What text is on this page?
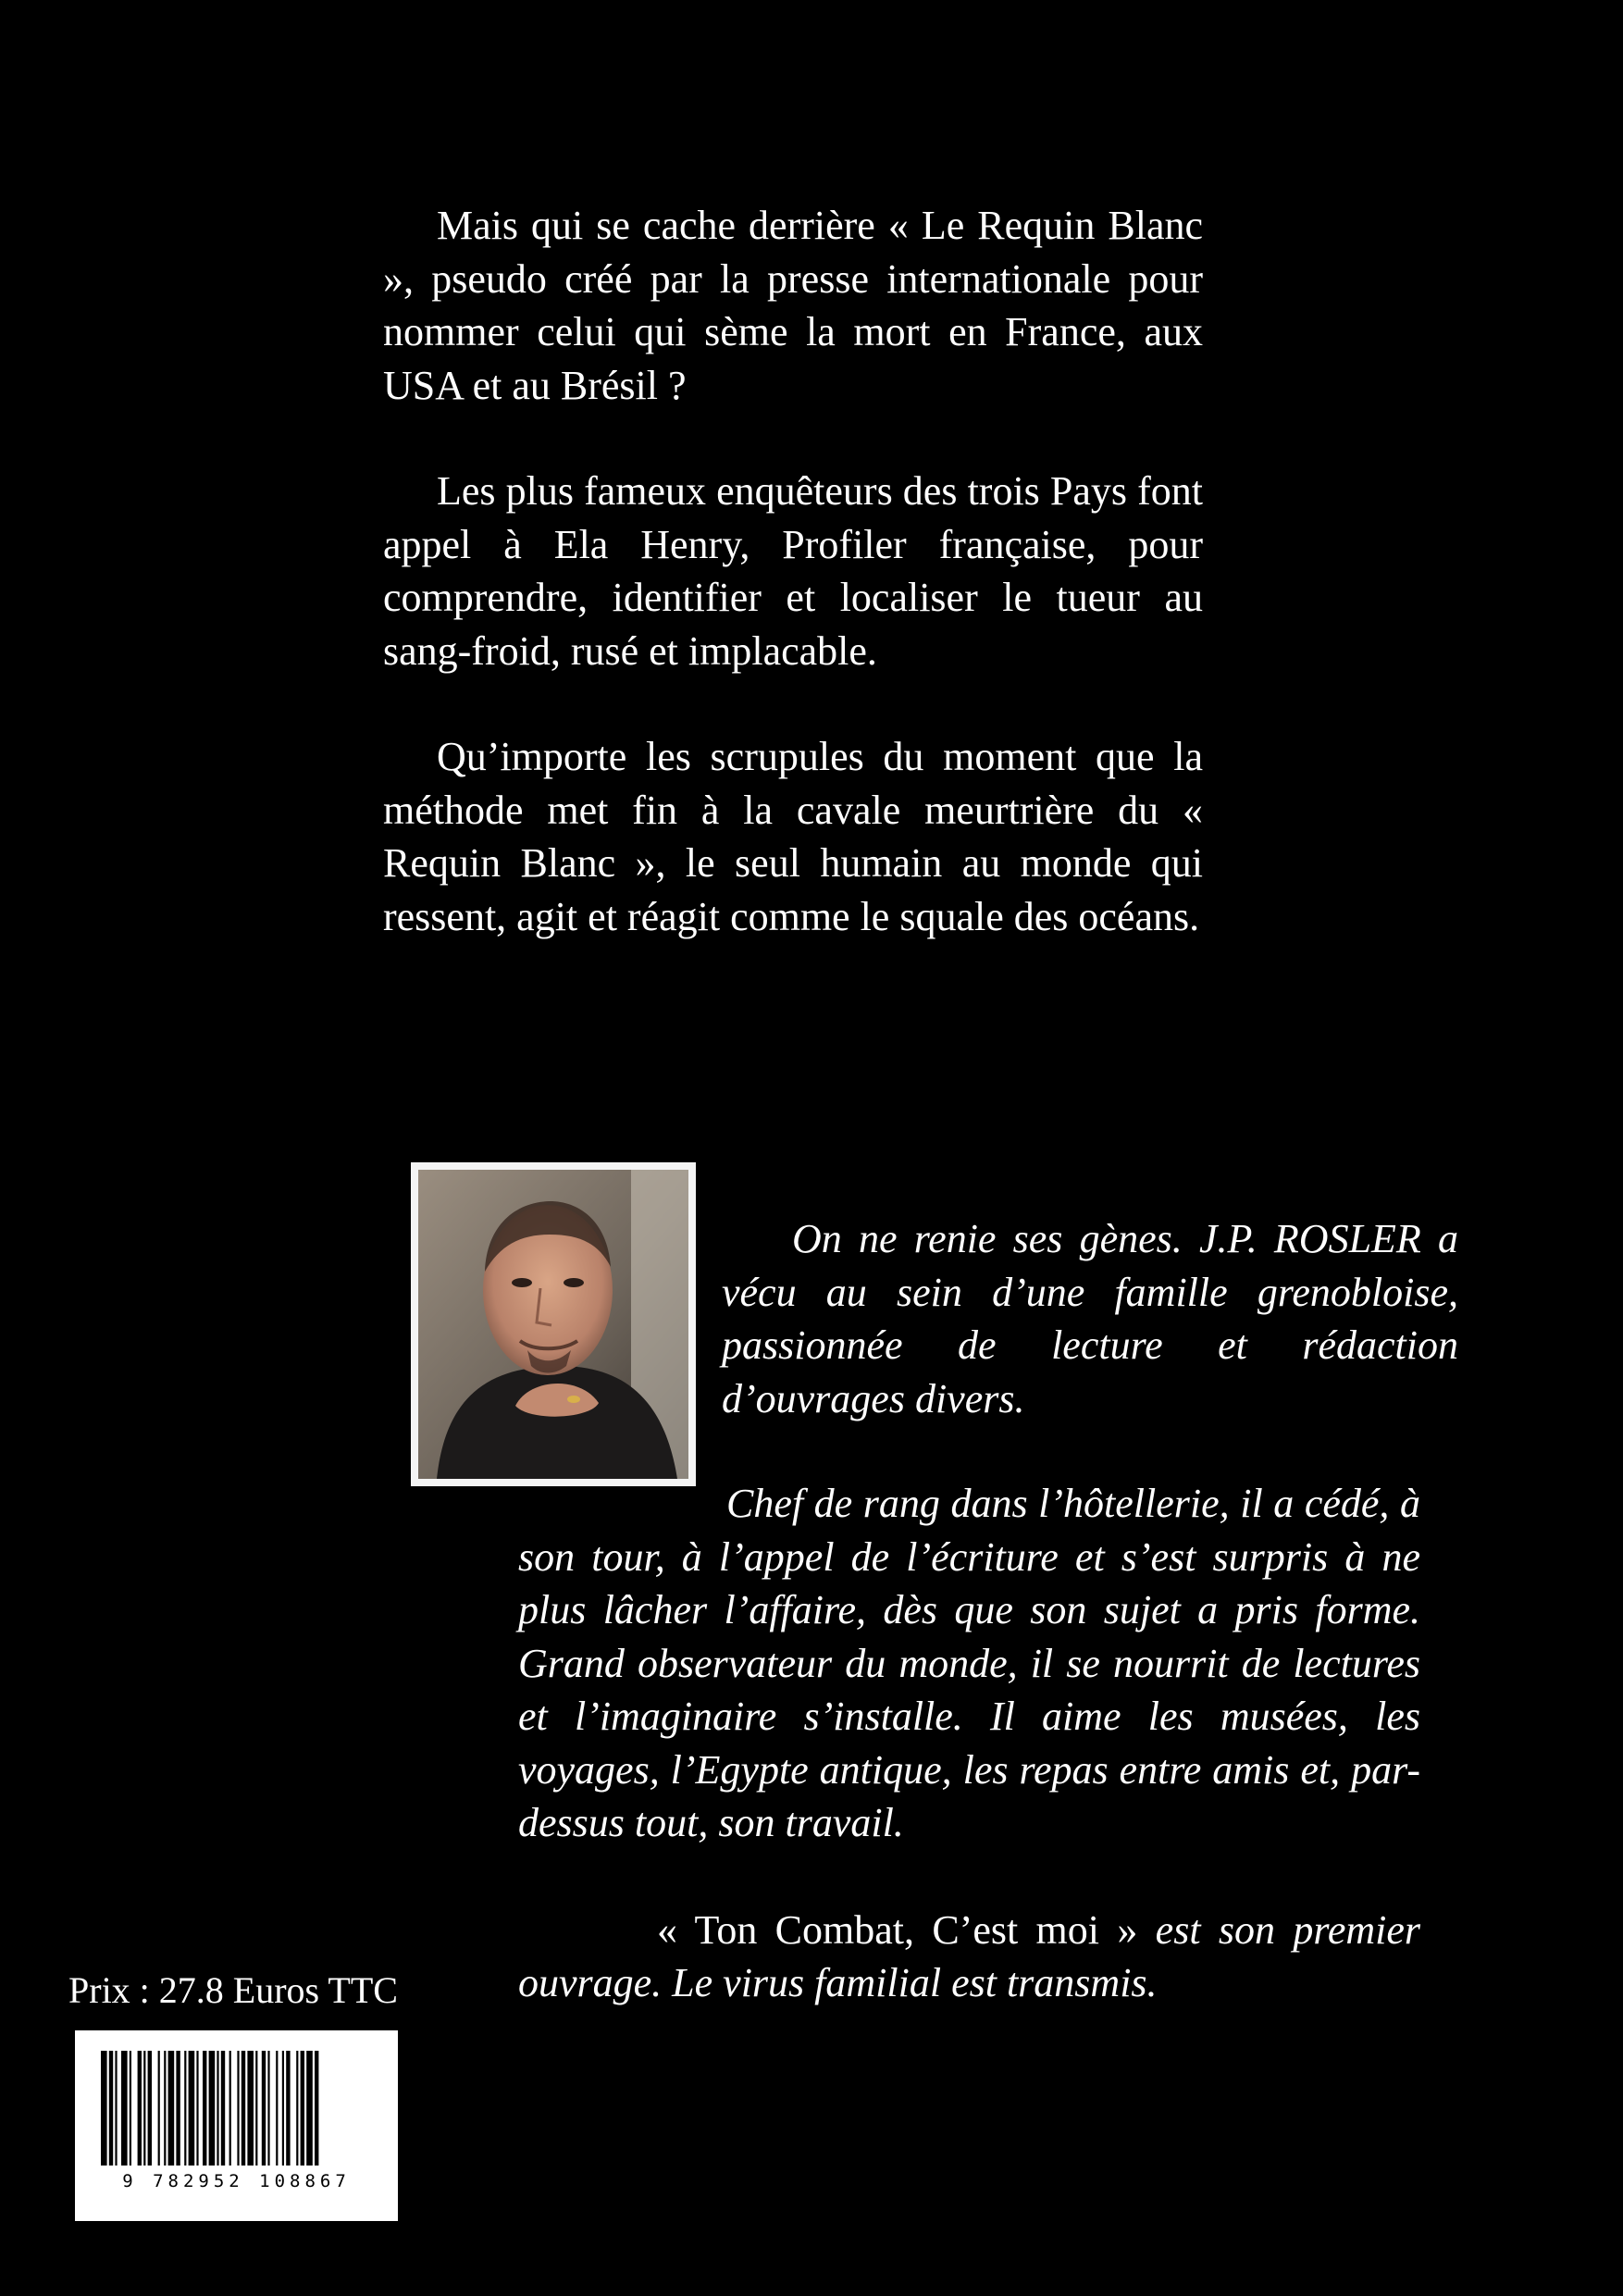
Mais qui se cache derrière « Le Requin Blanc », pseudo créé par la presse internationale pour nommer celui qui sème la mort en France, aux USA et au Brésil ?

Les plus fameux enquêteurs des trois Pays font appel à Ela Henry, Profiler française, pour comprendre, identifier et localiser le tueur au sang-froid, rusé et implacable.

Qu’importe les scrupules du moment que la méthode met fin à la cavale meurtrière du « Requin Blanc », le seul humain au monde qui ressent, agit et réagit comme le squale des océans.

On ne renie ses gènes. J.P. ROSLER a vécu au sein d’une famille grenobloise, passionnée de lecture et rédaction d’ouvrages divers.

Chef de rang dans l’hôtellerie, il a cédé, à son tour, à l’appel de l’écriture et s’est surpris à ne plus lâcher l’affaire, dès que son sujet a pris forme. Grand observateur du monde, il se nourrit de lectures et l’imaginaire s’installe. Il aime les musées, les voyages, l’Egypte antique, les repas entre amis et, par-dessus tout, son travail.

« Ton Combat, C’est moi » est son premier ouvrage. Le virus familial est transmis.

Prix : 27.8 Euros TTC
9 782952 108867
